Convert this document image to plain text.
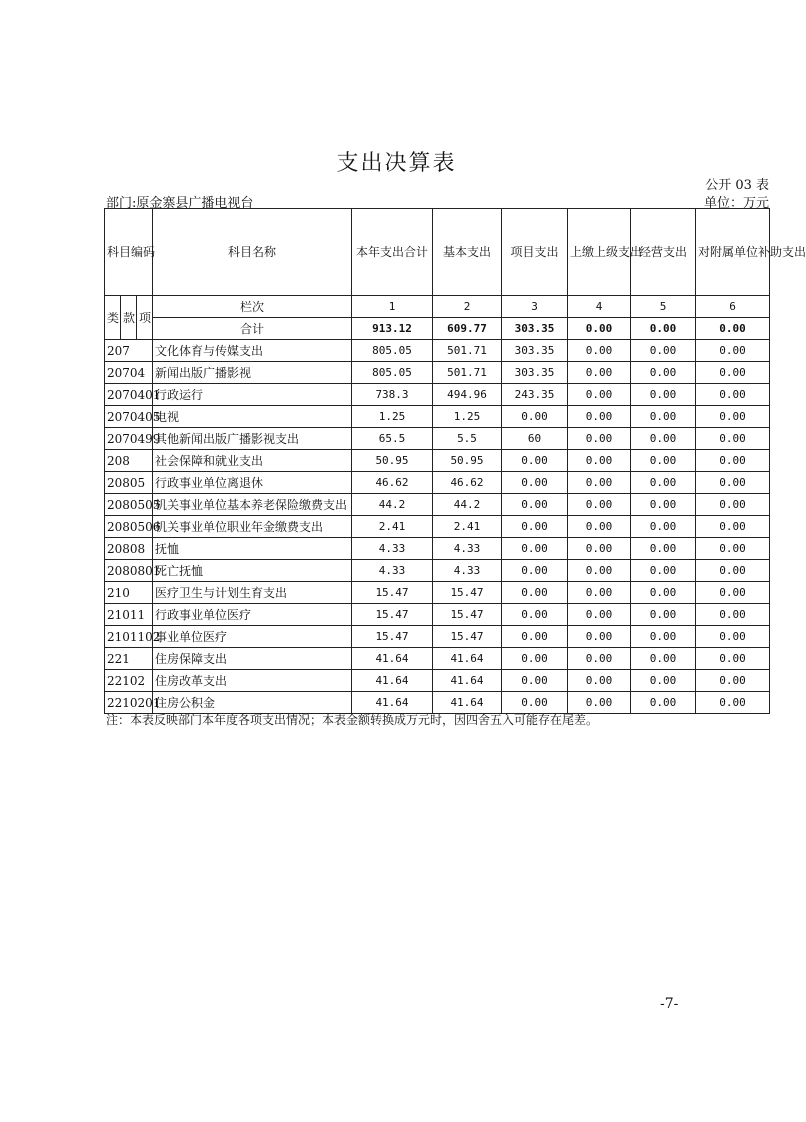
支出决算表
公开 03 表
部门:原金寨县广播电视台	单位：万元
科目编码			科目名称	本年支出合计	基本支出	项目支出	上缴上级支出	经营支出	对附属单位补助支出
类	款	项	栏次	1	2	3	4	5	6
			合计	913.12	609.77	303.35	0.00	0.00	0.00
207			文化体育与传媒支出	805.05	501.71	303.35	0.00	0.00	0.00
20704			新闻出版广播影视	805.05	501.71	303.35	0.00	0.00	0.00
2070401			行政运行	738.3	494.96	243.35	0.00	0.00	0.00
2070405			电视	1.25	1.25	0.00	0.00	0.00	0.00
2070499			其他新闻出版广播影视支出	65.5	5.5	60	0.00	0.00	0.00
208			社会保障和就业支出	50.95	50.95	0.00	0.00	0.00	0.00
20805			行政事业单位离退休	46.62	46.62	0.00	0.00	0.00	0.00
2080505			机关事业单位基本养老保险缴费支出	44.2	44.2	0.00	0.00	0.00	0.00
2080506			机关事业单位职业年金缴费支出	2.41	2.41	0.00	0.00	0.00	0.00
20808			抚恤	4.33	4.33	0.00	0.00	0.00	0.00
2080801			死亡抚恤	4.33	4.33	0.00	0.00	0.00	0.00
210			医疗卫生与计划生育支出	15.47	15.47	0.00	0.00	0.00	0.00
21011			行政事业单位医疗	15.47	15.47	0.00	0.00	0.00	0.00
2101102			事业单位医疗	15.47	15.47	0.00	0.00	0.00	0.00
221			住房保障支出	41.64	41.64	0.00	0.00	0.00	0.00
22102			住房改革支出	41.64	41.64	0.00	0.00	0.00	0.00
2210201			住房公积金	41.64	41.64	0.00	0.00	0.00	0.00
注：本表反映部门本年度各项支出情况；本表金额转换成万元时，因四舍五入可能存在尾差。
-7-
